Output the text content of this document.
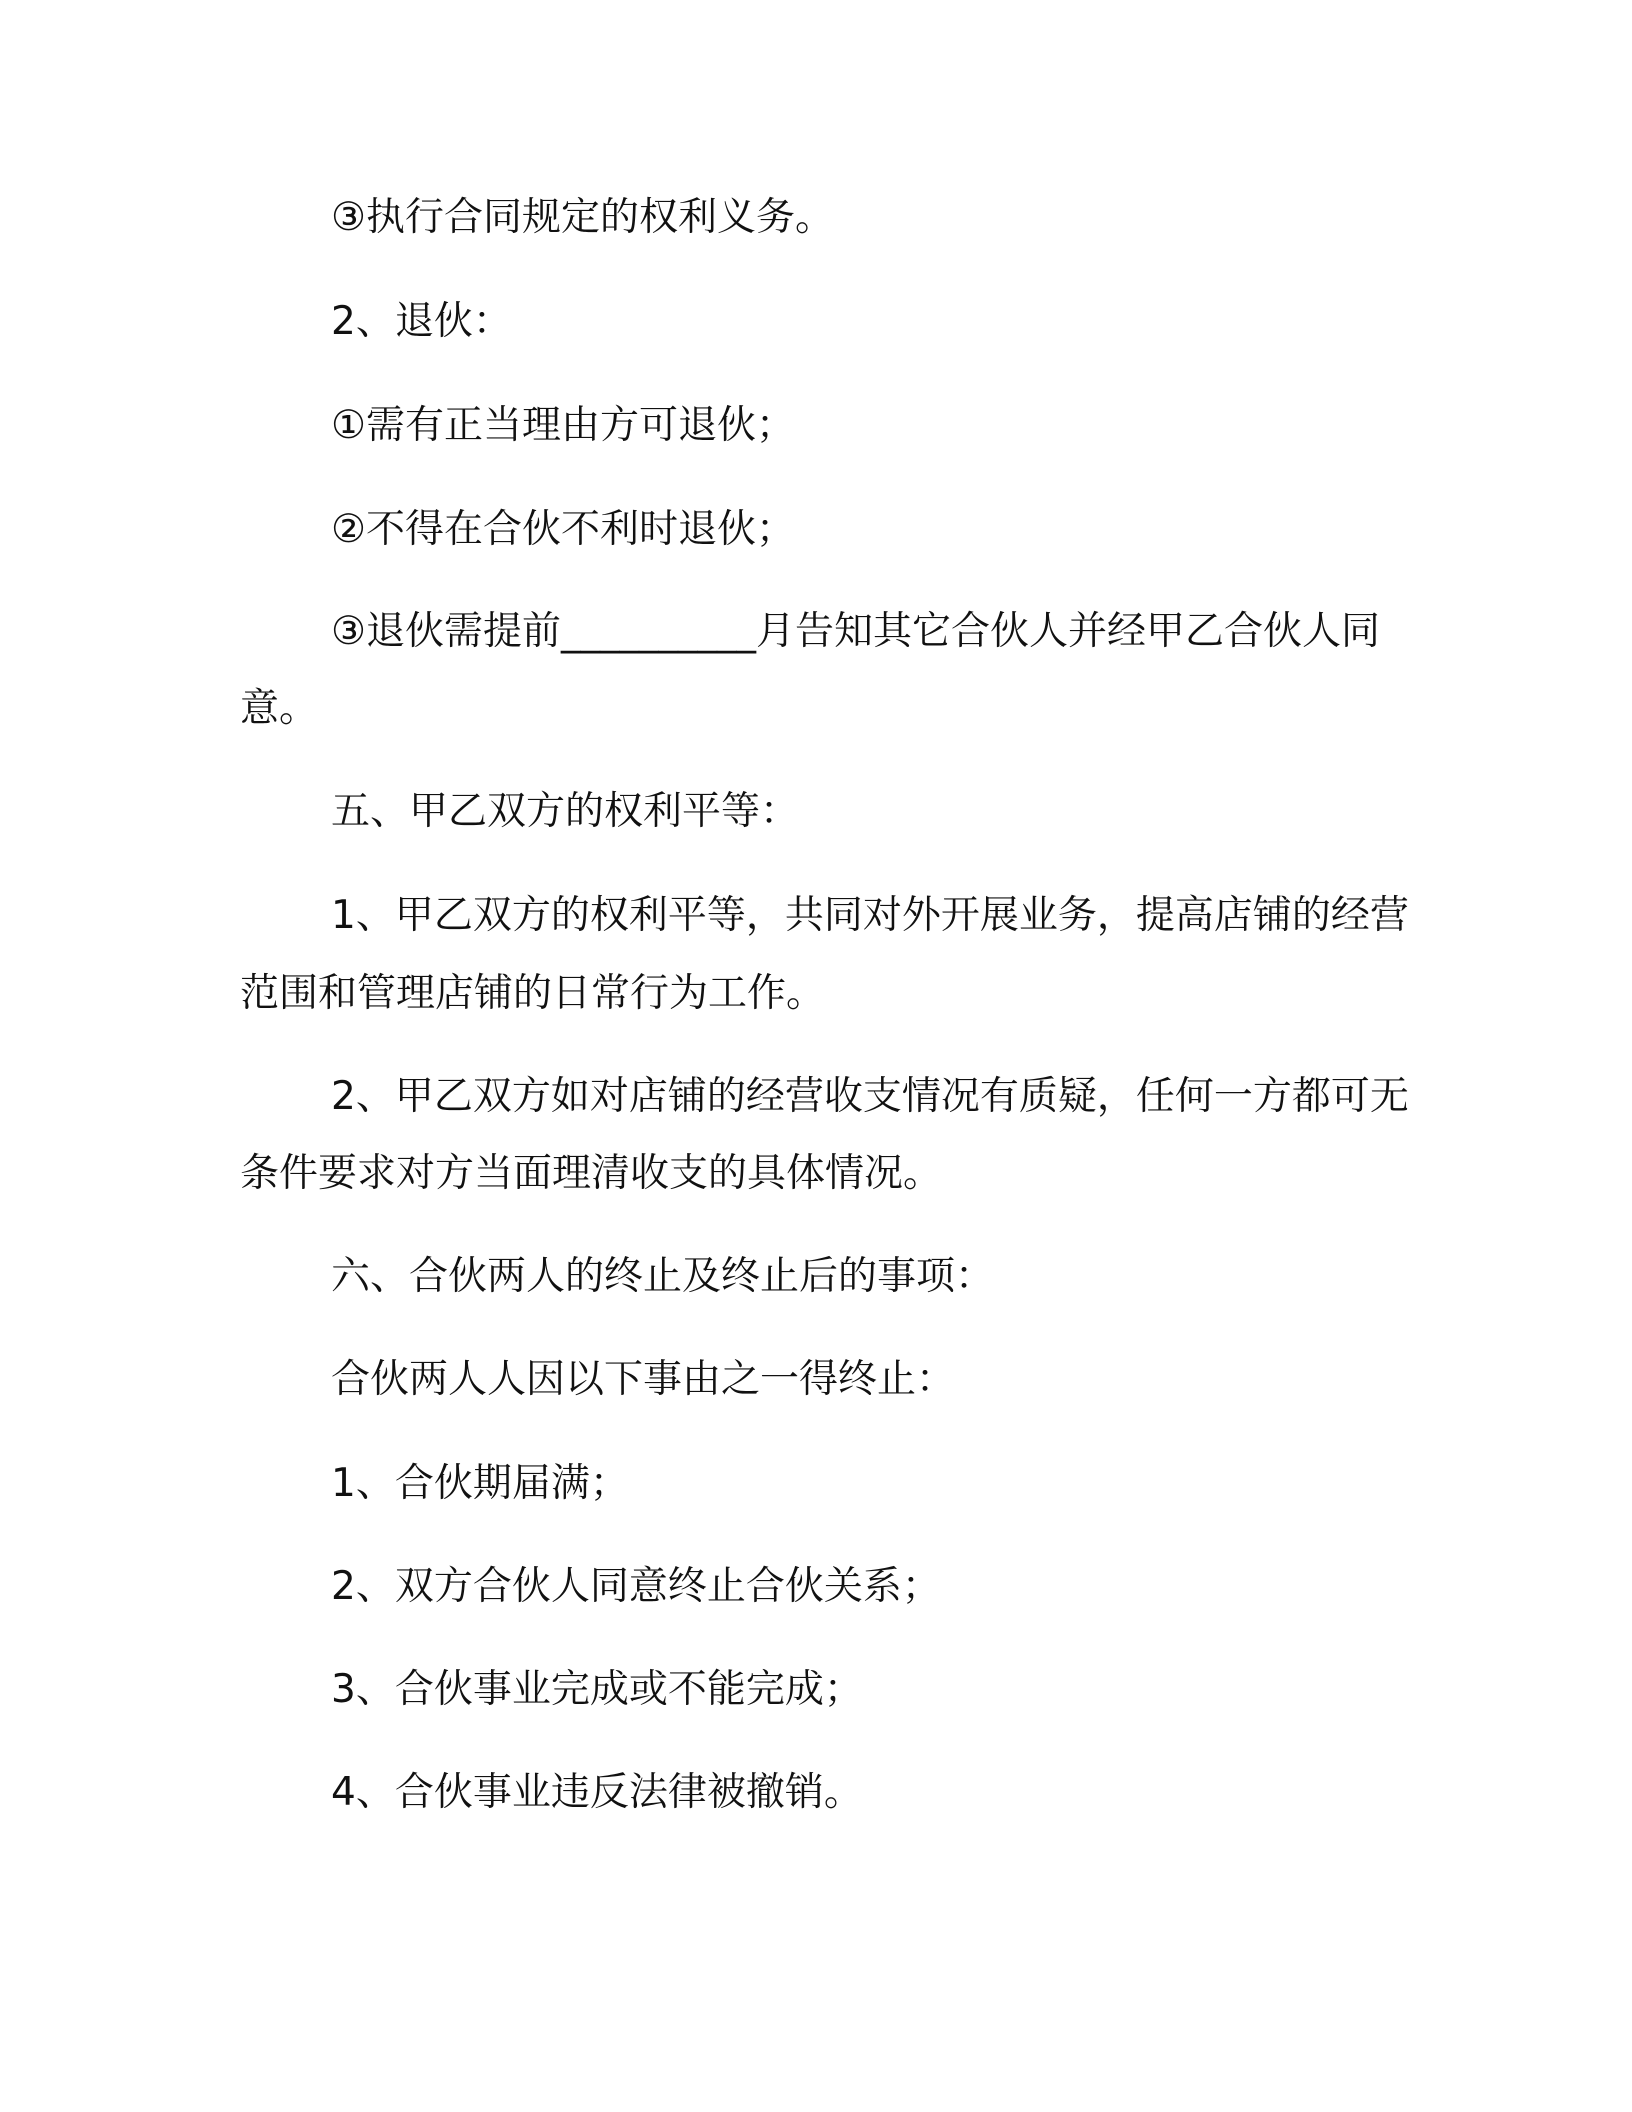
③执行合同规定的权利义务。
2、退伙：
①需有正当理由方可退伙；
②不得在合伙不利时退伙；
③退伙需提前__________月告知其它合伙人并经甲乙合伙人同
意。
五、甲乙双方的权利平等：
1、甲乙双方的权利平等，共同对外开展业务，提高店铺的经营
范围和管理店铺的日常行为工作。
2、甲乙双方如对店铺的经营收支情况有质疑，任何一方都可无
条件要求对方当面理清收支的具体情况。
六、合伙两人的终止及终止后的事项：
合伙两人人因以下事由之一得终止：
1、合伙期届满；
2、双方合伙人同意终止合伙关系；
3、合伙事业完成或不能完成；
4、合伙事业违反法律被撤销。
